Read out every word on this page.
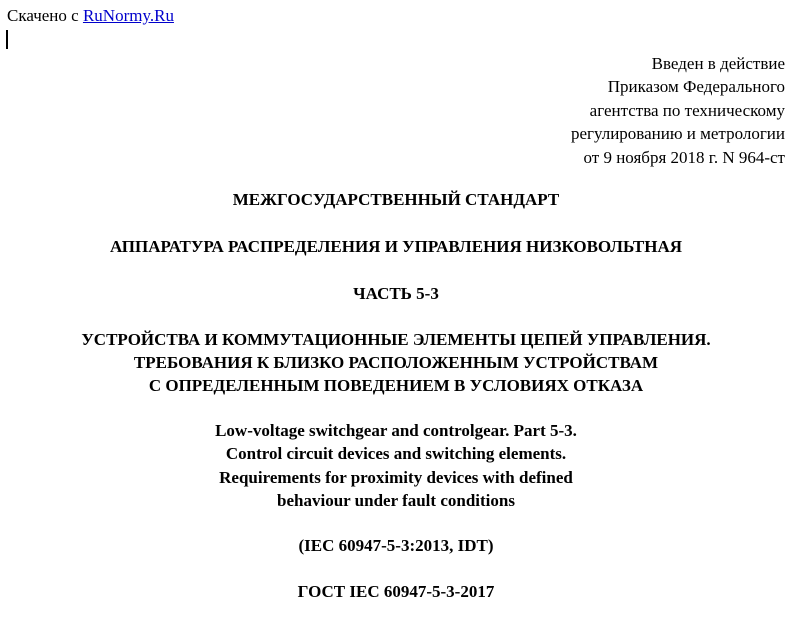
Скачено с RuNormy.Ru
Введен в действие
Приказом Федерального
агентства по техническому
регулированию и метрологии
от 9 ноября 2018 г. N 964-ст
МЕЖГОСУДАРСТВЕННЫЙ СТАНДАРТ
АППАРАТУРА РАСПРЕДЕЛЕНИЯ И УПРАВЛЕНИЯ НИЗКОВОЛЬТНАЯ
ЧАСТЬ 5-3
УСТРОЙСТВА И КОММУТАЦИОННЫЕ ЭЛЕМЕНТЫ ЦЕПЕЙ УПРАВЛЕНИЯ.
ТРЕБОВАНИЯ К БЛИЗКО РАСПОЛОЖЕННЫМ УСТРОЙСТВАМ
С ОПРЕДЕЛЕННЫМ ПОВЕДЕНИЕМ В УСЛОВИЯХ ОТКАЗА
Low-voltage switchgear and controlgear. Part 5-3.
Control circuit devices and switching elements.
Requirements for proximity devices with defined
behaviour under fault conditions
(IEC 60947-5-3:2013, IDT)
ГОСТ IEC 60947-5-3-2017
